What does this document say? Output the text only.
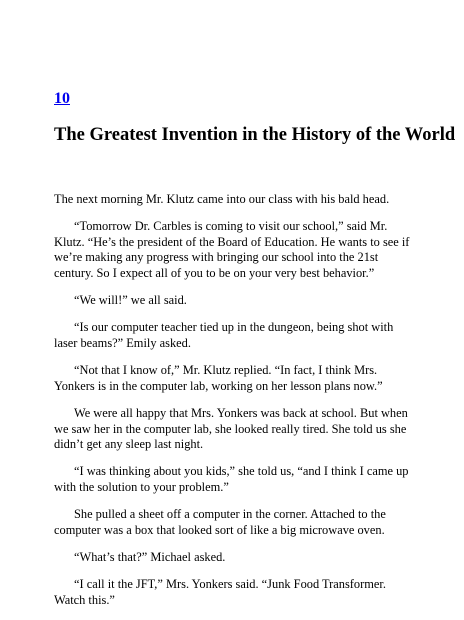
10
The Greatest Invention in the History of the World

The next morning Mr. Klutz came into our class with his bald head.

“Tomorrow Dr. Carbles is coming to visit our school,” said Mr. Klutz. “He’s the president of the Board of Education. He wants to see if we’re making any progress with bringing our school into the 21st century. So I expect all of you to be on your very best behavior.”

“We will!” we all said.

“Is our computer teacher tied up in the dungeon, being shot with laser beams?” Emily asked.

“Not that I know of,” Mr. Klutz replied. “In fact, I think Mrs. Yonkers is in the computer lab, working on her lesson plans now.”

We were all happy that Mrs. Yonkers was back at school. But when we saw her in the computer lab, she looked really tired. She told us she didn’t get any sleep last night.

“I was thinking about you kids,” she told us, “and I think I came up with the solution to your problem.”

She pulled a sheet off a computer in the corner. Attached to the computer was a box that looked sort of like a big microwave oven.

“What’s that?” Michael asked.

“I call it the JFT,” Mrs. Yonkers said. “Junk Food Transformer. Watch this.”
